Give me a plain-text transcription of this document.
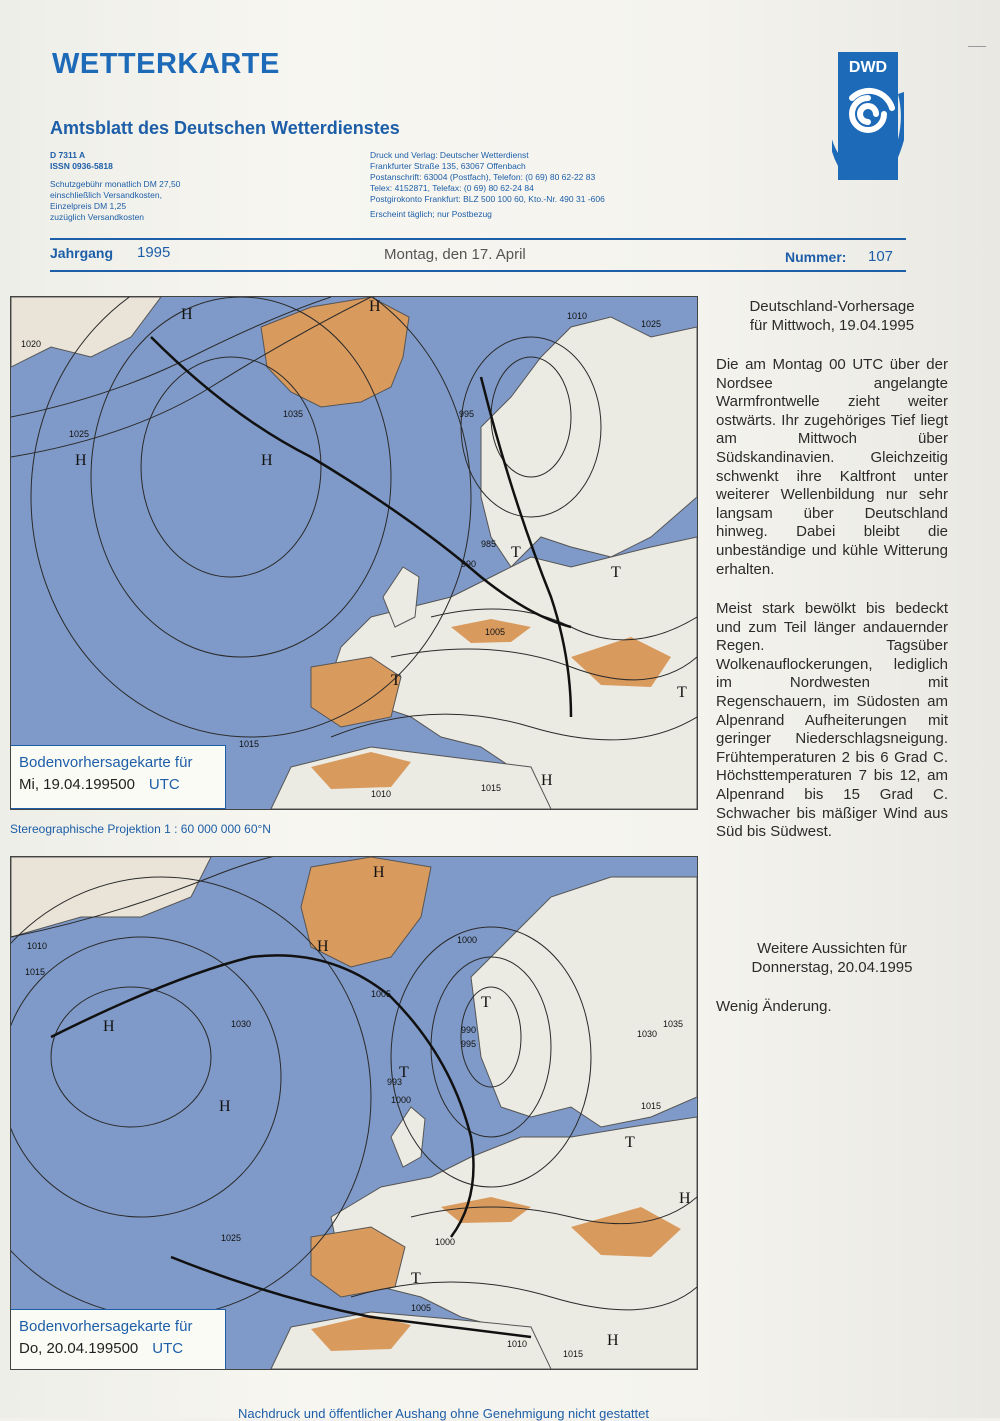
WETTERKARTE
Amtsblatt des Deutschen Wetterdienstes
D 7311 A
ISSN 0936-5818
Schutzgebühr monatlich DM 27,50
einschließlich Versandkosten,
Einzelpreis DM 1,25
zuzüglich Versandkosten
Druck und Verlag: Deutscher Wetterdienst
Frankfurter Straße 135, 63067 Offenbach
Postanschrift: 63004 (Postfach), Telefon: (0 69) 80 62-22 83
Telex: 4152871, Telefax: (0 69) 80 62-24 84
Postgirokonto Frankfurt: BLZ 500 100 60, Kto.-Nr. 490 31 -606
Erscheint täglich; nur Postbezug
DWD
Jahrgang 1995	Montag, den 17. April	Nummer: 107
H
H	H
H
T
T
T
T
H
1020
1025
1035
1010
1025
990
995
985
1005
1015
1010
1015
Bodenvorhersagekarte für
Mi, 19.04.199500 UTC
Stereographische Projektion 1 : 60 000 000 60°N
H
H
H
H
T
T
T
T
H
H
1010
1015
1030
1000
1005
990
995
993
1000
1025
1035
1030
1015
1000
1005
1015
1010
Bodenvorhersagekarte für
Do, 20.04.199500 UTC
Deutschland-Vorhersage
für Mittwoch, 19.04.1995
Die am Montag 00 UTC über der Nordsee angelangte Warmfrontwelle zieht weiter ostwärts. Ihr zugehöriges Tief liegt am Mittwoch über Südskandinavien. Gleichzeitig schwenkt ihre Kaltfront unter weiterer Wellenbildung nur sehr langsam über Deutschland hinweg. Dabei bleibt die unbeständige und kühle Witterung erhalten.
Meist stark bewölkt bis bedeckt und zum Teil länger andauernder Regen. Tagsüber Wolkenauflockerungen, lediglich im Nordwesten mit Regenschauern, im Südosten am Alpenrand Aufheiterungen mit geringer Niederschlagsneigung. Frühtemperaturen 2 bis 6 Grad C. Höchsttemperaturen 7 bis 12, am Alpenrand bis 15 Grad C. Schwacher bis mäßiger Wind aus Süd bis Südwest.
Weitere Aussichten für
Donnerstag, 20.04.1995
Wenig Änderung.
Nachdruck und öffentlicher Aushang ohne Genehmigung nicht gestattet
